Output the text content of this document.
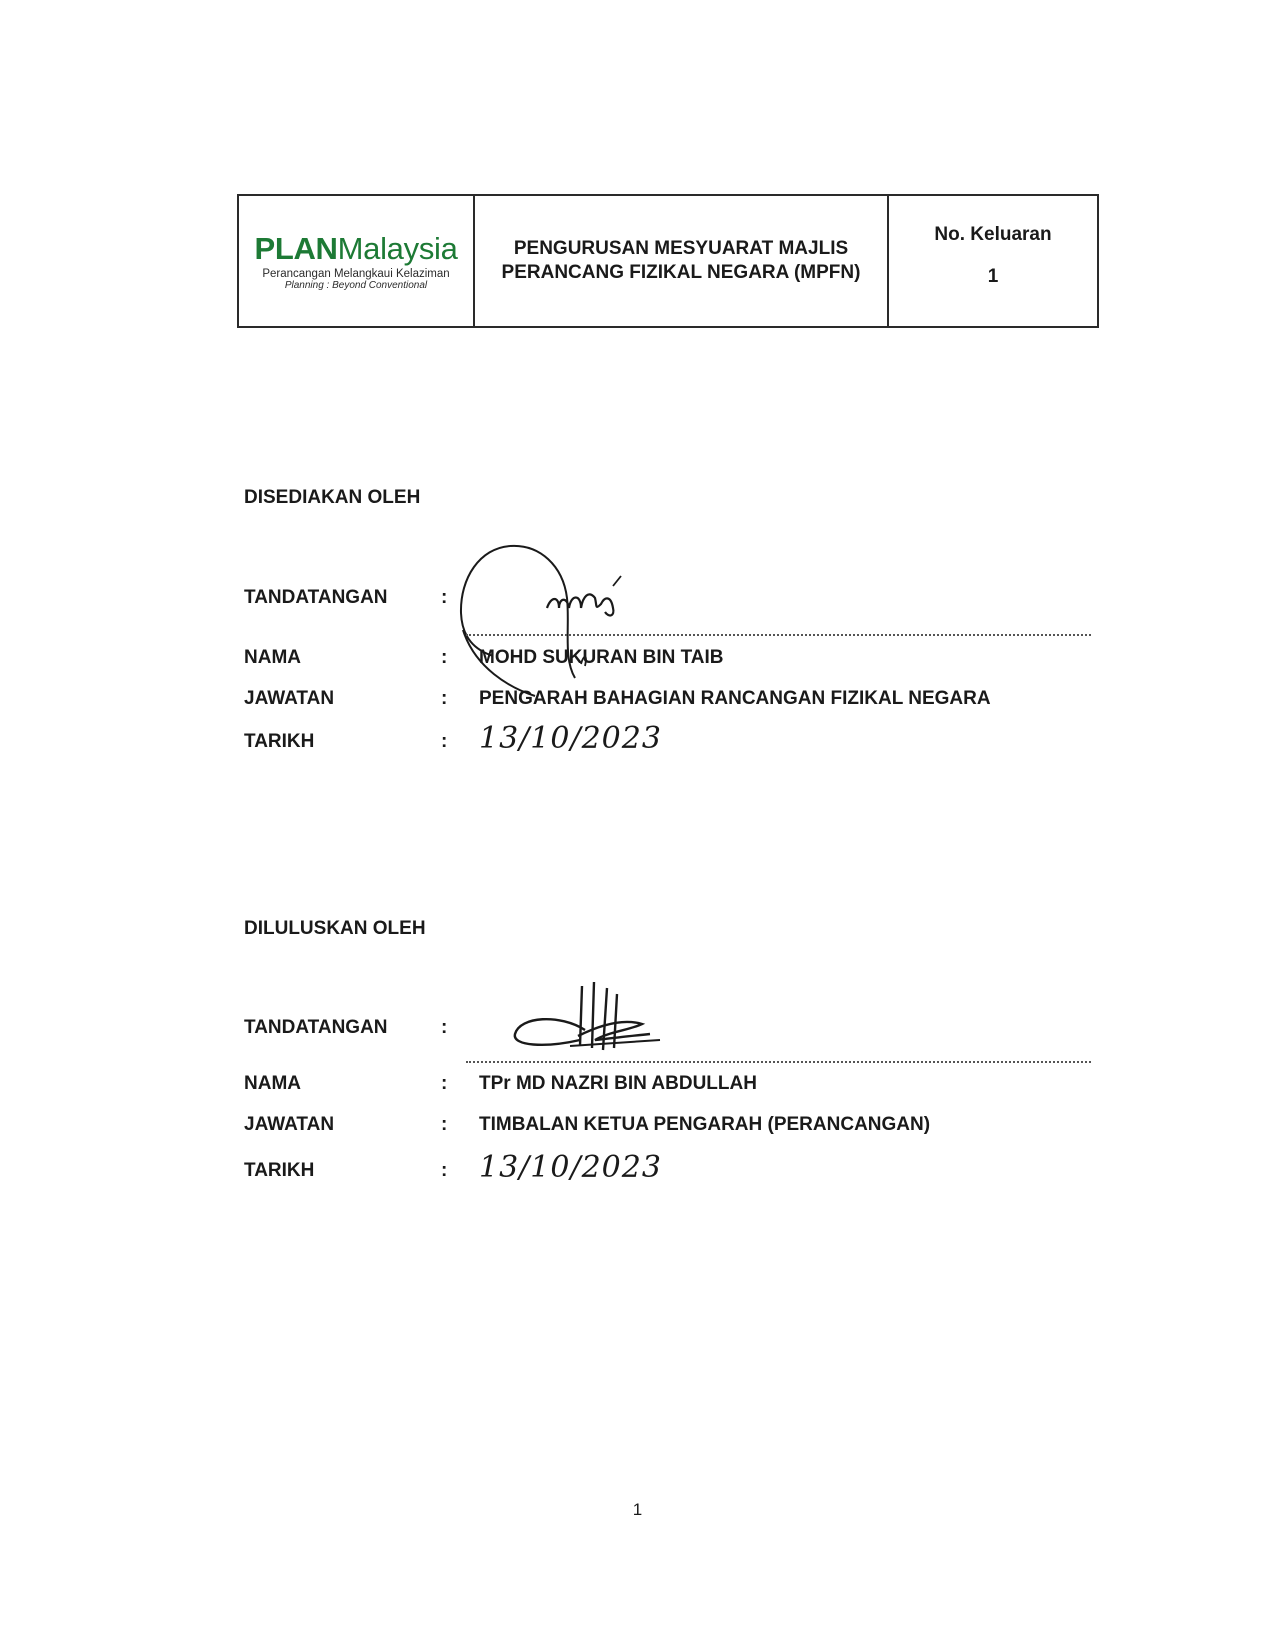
PLANMalaysia
Perancangan Melangkaui Kelaziman
Planning : Beyond Conventional

PENGURUSAN MESYUARAT MAJLIS
PERANCANG FIZIKAL NEGARA (MPFN)

No. Keluaran
1
DISEDIAKAN OLEH
TANDATANGAN	:
NAMA	: MOHD SUKURAN BIN TAIB
JAWATAN	: PENGARAH BAHAGIAN RANCANGAN FIZIKAL NEGARA
TARIKH	: 13/10/2023
DILULUSKAN OLEH
TANDATANGAN	:
NAMA	: TPr MD NAZRI BIN ABDULLAH
JAWATAN	: TIMBALAN KETUA PENGARAH (PERANCANGAN)
TARIKH	: 13/10/2023
1
